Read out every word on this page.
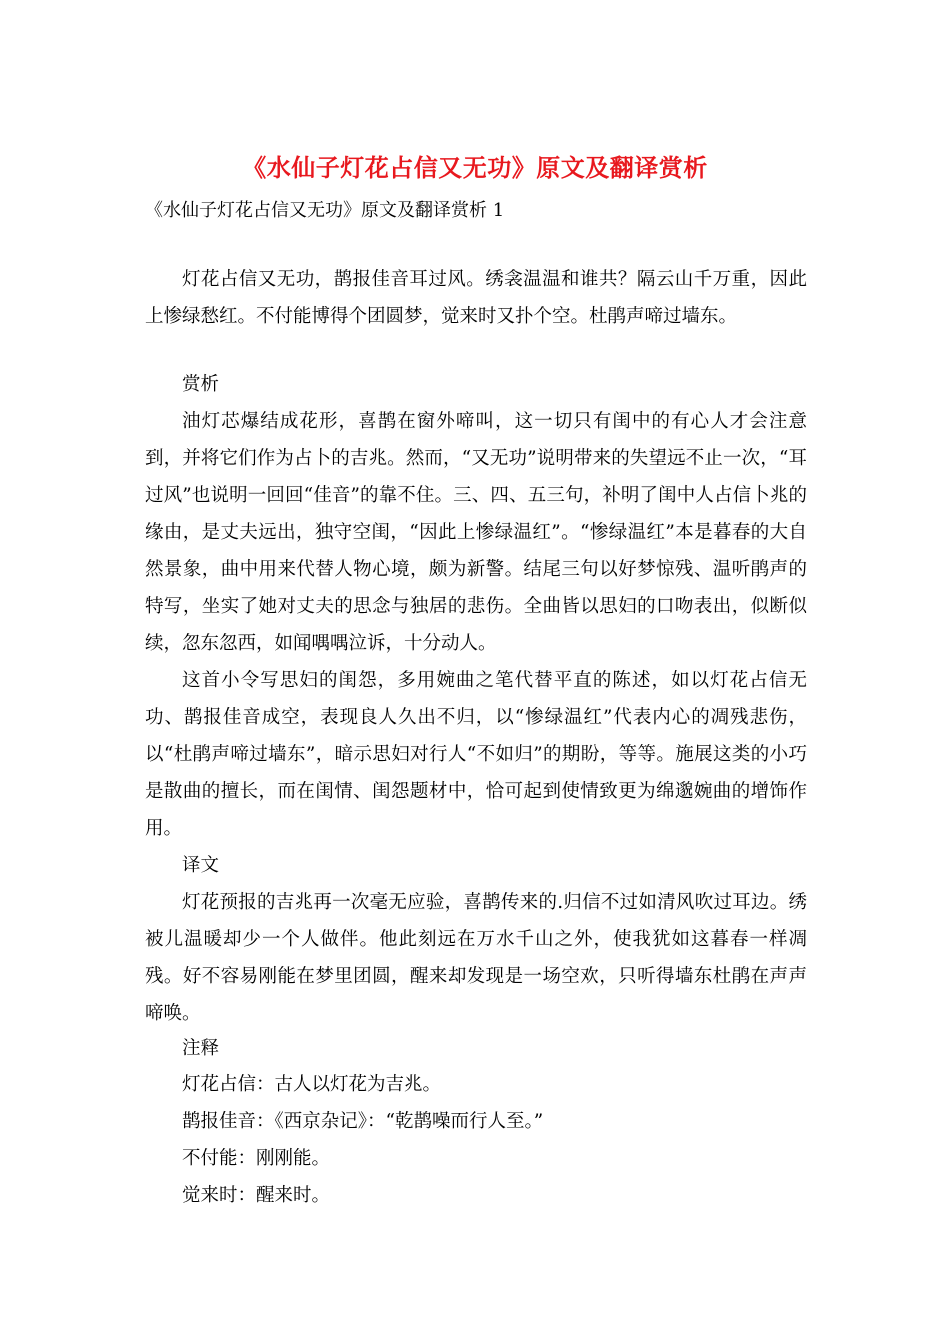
《水仙子灯花占信又无功》原文及翻译赏析

《水仙子灯花占信又无功》原文及翻译赏析 1

灯花占信又无功，鹊报佳音耳过风。绣衾温温和谁共？隔云山千万重，因此上惨绿愁红。不付能博得个团圆梦，觉来时又扑个空。杜鹃声啼过墙东。

赏析

油灯芯爆结成花形，喜鹊在窗外啼叫，这一切只有闺中的有心人才会注意到，并将它们作为占卜的吉兆。然而，“又无功”说明带来的失望远不止一次，“耳过风”也说明一回回“佳音”的靠不住。三、四、五三句，补明了闺中人占信卜兆的缘由，是丈夫远出，独守空闺，“因此上惨绿温红”。“惨绿温红”本是暮春的大自然景象，曲中用来代替人物心境，颇为新警。结尾三句以好梦惊残、温听鹃声的特写，坐实了她对丈夫的思念与独居的悲伤。全曲皆以思妇的口吻表出，似断似续，忽东忽西，如闻喁喁泣诉，十分动人。

这首小令写思妇的闺怨，多用婉曲之笔代替平直的陈述，如以灯花占信无功、鹊报佳音成空，表现良人久出不归，以“惨绿温红”代表内心的凋残悲伤，以“杜鹃声啼过墙东”，暗示思妇对行人“不如归”的期盼，等等。施展这类的小巧是散曲的擅长，而在闺情、闺怨题材中，恰可起到使情致更为绵邈婉曲的增饰作用。

译文

灯花预报的吉兆再一次毫无应验，喜鹊传来的.归信不过如清风吹过耳边。绣被儿温暖却少一个人做伴。他此刻远在万水千山之外，使我犹如这暮春一样凋残。好不容易刚能在梦里团圆，醒来却发现是一场空欢，只听得墙东杜鹃在声声啼唤。

注释

灯花占信：古人以灯花为吉兆。

鹊报佳音：《西京杂记》：“乾鹊噪而行人至。”

不付能：刚刚能。

觉来时：醒来时。
